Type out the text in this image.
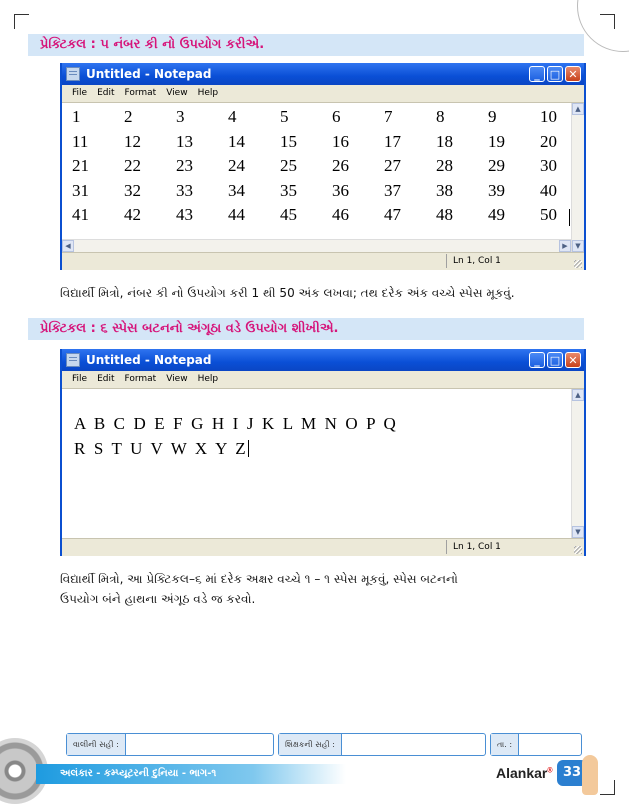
પ્રેક્ટિકલ : ૫ નંબર કી નો ઉપયોગ કરીએ.
Untitled - Notepad	_ □ ✕
File Edit Format View Help
1	2	3	4	5	6	7	8	9	10
11	12	13	14	15	16	17	18	19	20
21	22	23	24	25	26	27	28	29	30
31	32	33	34	35	36	37	38	39	40
41	42	43	44	45	46	47	48	49	50
▲
▼
◀	▶
Ln 1, Col 1
વિદ્યાર્થી મિત્રો, નંબર કી નો ઉપયોગ કરી 1 થી 50 અંક લખવા; તથ દરેક અંક વચ્ચે સ્પેસ મૂકવું.
પ્રેક્ટિકલ : ૬ સ્પેસ બટનનો અંગૂઠા વડે ઉપયોગ શીખીએ.
Untitled - Notepad	_ □ ✕
File Edit Format View Help
A  B  C  D  E  F  G  H  I  J  K  L  M  N  O  P  Q
R  S  T  U  V  W  X  Y  Z
▲
▼
Ln 1, Col 1
વિદ્યાર્થી મિત્રો, આ પ્રેક્ટિકલ–૬ માં દરેક અક્ષર વચ્ચે ૧ – ૧ સ્પેસ મૂકવું, સ્પેસ બટનનો
ઉપયોગ બંને હાથના અંગૂઠ વડે જ કરવો.
વાલીની સહી :	શિક્ષકની સહી :	તા. :
અલંકાર - કમ્પ્યૂટરની દુનિયા - ભાગ-૧	Alankar® 33
